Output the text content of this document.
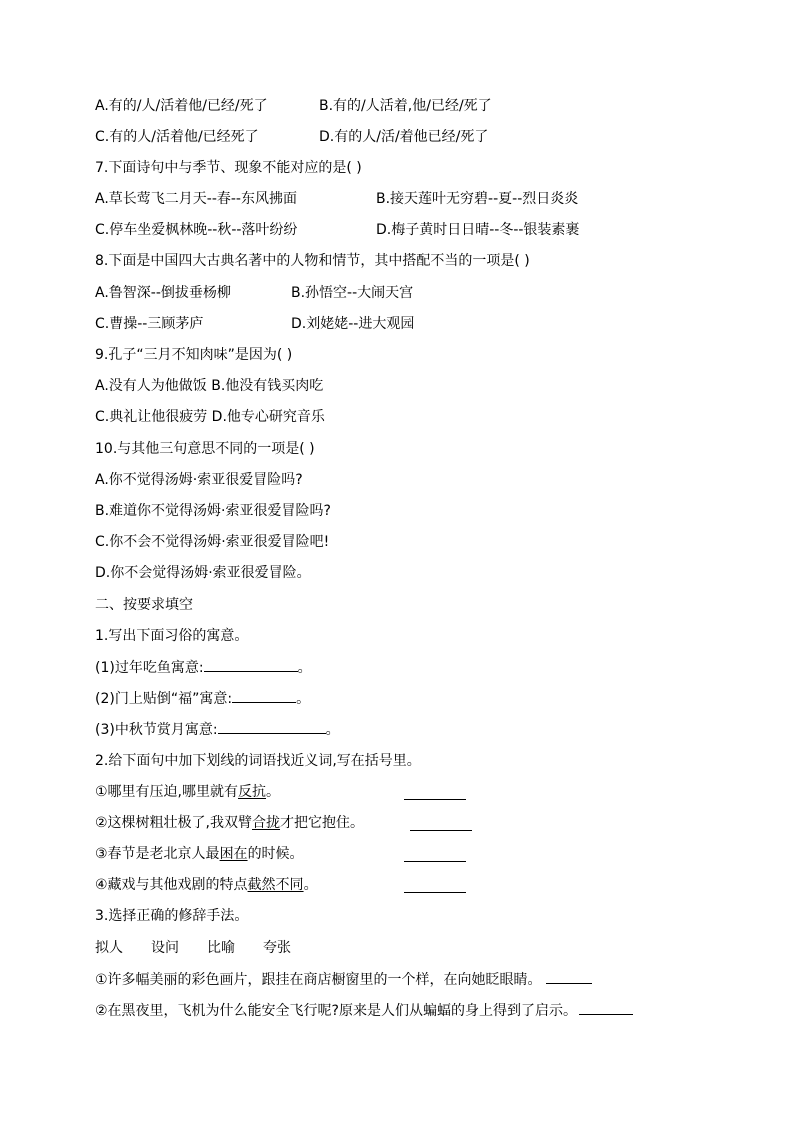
A.有的/人/活着他/已经/死了	B.有的/人活着,他/已经/死了
C.有的人/活着他/已经死了	D.有的人/活/着他已经/死了
7.下面诗句中与季节、现象不能对应的是( )
A.草长莺飞二月天--春--东风拂面	B.接天莲叶无穷碧--夏--烈日炎炎
C.停车坐爱枫林晚--秋--落叶纷纷	D.梅子黄时日日晴--冬--银装素裹
8.下面是中国四大古典名著中的人物和情节，其中搭配不当的一项是( )
A.鲁智深--倒拔垂杨柳	B.孙悟空--大闹天宫
C.曹操--三顾茅庐	D.刘姥姥--进大观园
9.孔子“三月不知肉味”是因为( )
A.没有人为他做饭 B.他没有钱买肉吃
C.典礼让他很疲劳 D.他专心研究音乐
10.与其他三句意思不同的一项是( )
A.你不觉得汤姆·索亚很爱冒险吗?
B.难道你不觉得汤姆·索亚很爱冒险吗?
C.你不会不觉得汤姆·索亚很爱冒险吧!
D.你不会觉得汤姆·索亚很爱冒险。
二、按要求填空
1.写出下面习俗的寓意。
(1)过年吃鱼寓意:	。
(2)门上贴倒“福”寓意:	。
(3)中秋节赏月寓意:	。
2.给下面句中加下划线的词语找近义词,写在括号里。
①哪里有压迫,哪里就有反抗。
②这棵树粗壮极了,我双臂合拢才把它抱住。
③春节是老北京人最困在的时候。
④藏戏与其他戏剧的特点截然不同。
3.选择正确的修辞手法。
拟人 设问 比喻 夸张
①许多幅美丽的彩色画片，跟挂在商店橱窗里的一个样，在向她眨眼睛。
②在黑夜里，飞机为什么能安全飞行呢?原来是人们从蝙蝠的身上得到了启示。
